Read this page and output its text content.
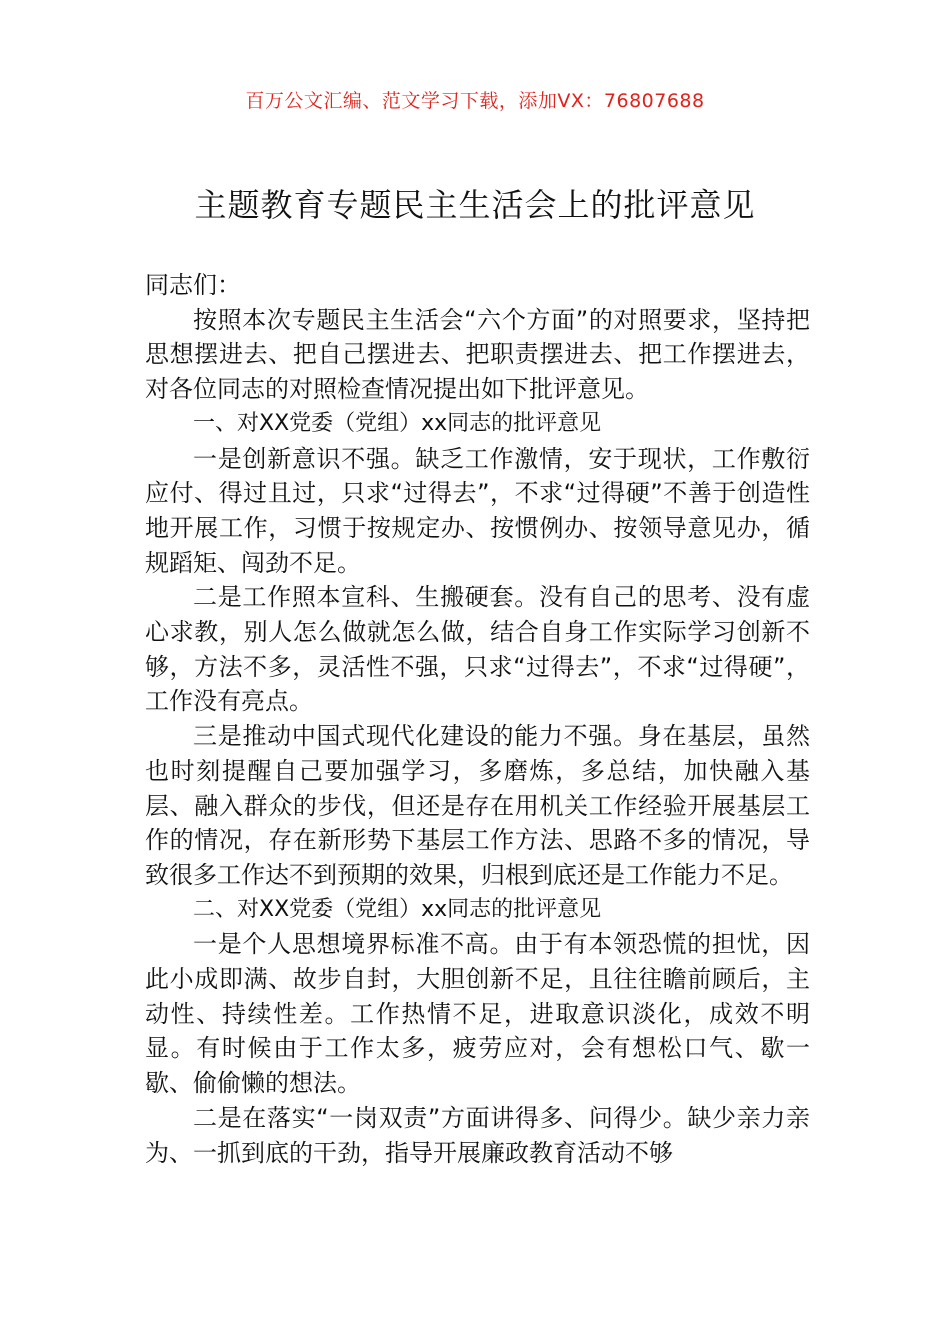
百万公文汇编、范文学习下载，添加VX：76807688
主题教育专题民主生活会上的批评意见

同志们：

按照本次专题民主生活会“六个方面”的对照要求，坚持把思想摆进去、把自己摆进去、把职责摆进去、把工作摆进去，对各位同志的对照检查情况提出如下批评意见。

一、对XX党委（党组）xx同志的批评意见

一是创新意识不强。缺乏工作激情，安于现状，工作敷衍应付、得过且过，只求“过得去”，不求“过得硬”不善于创造性地开展工作，习惯于按规定办、按惯例办、按领导意见办，循规蹈矩、闯劲不足。

二是工作照本宣科、生搬硬套。没有自己的思考、没有虚心求教，别人怎么做就怎么做，结合自身工作实际学习创新不够，方法不多，灵活性不强，只求“过得去”，不求“过得硬”，工作没有亮点。

三是推动中国式现代化建设的能力不强。身在基层，虽然也时刻提醒自己要加强学习，多磨炼，多总结，加快融入基层、融入群众的步伐，但还是存在用机关工作经验开展基层工作的情况，存在新形势下基层工作方法、思路不多的情况，导致很多工作达不到预期的效果，归根到底还是工作能力不足。

二、对XX党委（党组）xx同志的批评意见

一是个人思想境界标准不高。由于有本领恐慌的担忧，因此小成即满、故步自封，大胆创新不足，且往往瞻前顾后，主动性、持续性差。工作热情不足，进取意识淡化，成效不明显。有时候由于工作太多，疲劳应对，会有想松口气、歇一歇、偷偷懒的想法。

二是在落实“一岗双责”方面讲得多、问得少。缺少亲力亲为、一抓到底的干劲，指导开展廉政教育活动不够
